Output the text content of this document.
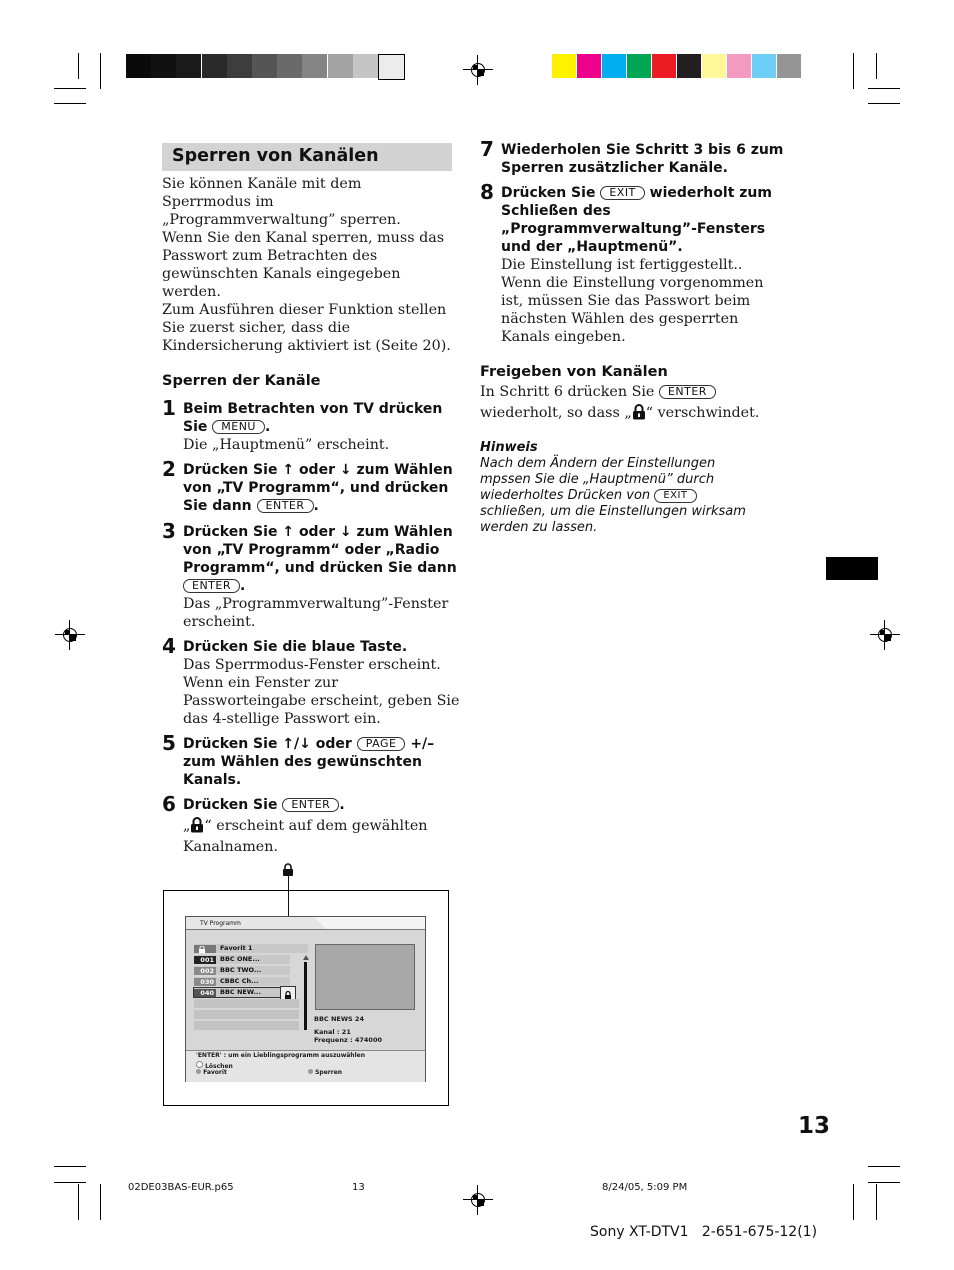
Sperren von Kanälen
Sie können Kanäle mit dem
Sperrmodus im
„Programmverwaltung” sperren.
Wenn Sie den Kanal sperren, muss das
Passwort zum Betrachten des
gewünschten Kanals eingegeben
werden.
Zum Ausführen dieser Funktion stellen
Sie zuerst sicher, dass die
Kindersicherung aktiviert ist (Seite 20).
Sperren der Kanäle
1 Beim Betrachten von TV drücken
Sie MENU .
Die „Hauptmenü” erscheint.
2 Drücken Sie ↑ oder ↓ zum Wählen
von „TV Programm“, und drücken
Sie dann ENTER .
3 Drücken Sie ↑ oder ↓ zum Wählen
von „TV Programm“ oder „Radio
Programm“, und drücken Sie dann
ENTER .
Das „Programmverwaltung”-Fenster
erscheint.
4 Drücken Sie die blaue Taste.
Das Sperrmodus-Fenster erscheint.
Wenn ein Fenster zur
Passworteingabe erscheint, geben Sie
das 4-stellige Passwort ein.
5 Drücken Sie ↑/↓ oder PAGE +/–
zum Wählen des gewünschten
Kanals.
6 Drücken Sie ENTER .
„ “ erscheint auf dem gewählten
Kanalnamen.
TV Programm
Favorit 1
001 BBC ONE...
002 BBC TWO...
030 CBBC Ch...
040 BBC NEW...
BBC NEWS 24
Kanal : 21
Frequenz : 474000
'ENTER' : um ein Lieblingsprogramm auszuwählen
Löschen
Favorit	Sperren
7 Wiederholen Sie Schritt 3 bis 6 zum
Sperren zusätzlicher Kanäle.
8 Drücken Sie EXIT wiederholt zum
Schließen des
„Programmverwaltung”-Fensters
und der „Hauptmenü”.
Die Einstellung ist fertiggestellt..
Wenn die Einstellung vorgenommen
ist, müssen Sie das Passwort beim
nächsten Wählen des gesperrten
Kanals eingeben.
Freigeben von Kanälen
In Schritt 6 drücken Sie ENTER
wiederholt, so dass „ “ verschwindet.
Hinweis
Nach dem Ändern der Einstellungen
mpssen Sie die „Hauptmenü” durch
wiederholtes Drücken von EXIT
schließen, um die Einstellungen wirksam
werden zu lassen.
13
02DE03BAS-EUR.p65	13	8/24/05, 5:09 PM
Sony XT-DTV1   2-651-675-12(1)
